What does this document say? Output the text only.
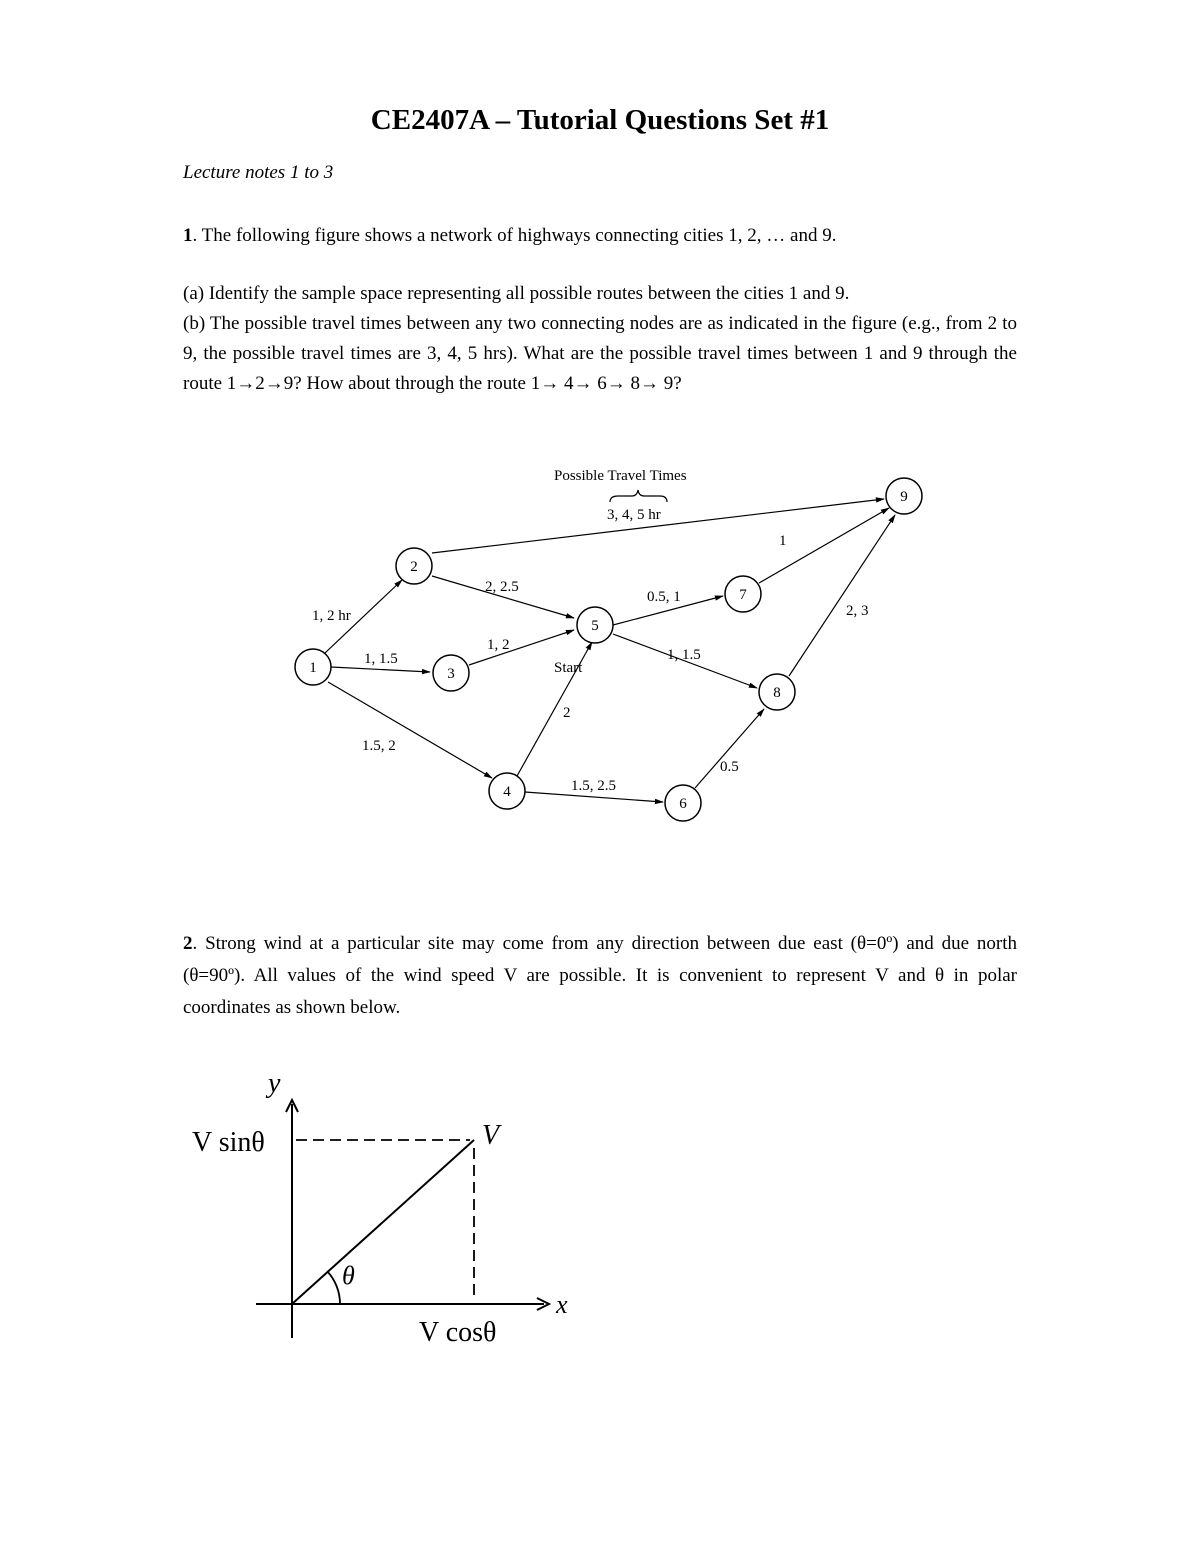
CE2407A – Tutorial Questions Set #1

Lecture notes 1 to 3

1. The following figure shows a network of highways connecting cities 1, 2, … and 9.

(a) Identify the sample space representing all possible routes between the cities 1 and 9.

(b) The possible travel times between any two connecting nodes are as indicated in the figure (e.g., from 2 to 9, the possible travel times are 3, 4, 5 hrs). What are the possible travel times between 1 and 9 through the route 1→2→9? How about through the route 1→ 4→ 6→ 8→ 9?

2. Strong wind at a particular site may come from any direction between due east (θ=0º) and due north (θ=90º). All values of the wind speed V are possible. It is convenient to represent V and θ in polar coordinates as shown below.

Possible Travel Times
Start
3, 4, 5 hr
1, 2 hr
2, 2.5
1, 1.5
1, 2
1.5, 2
2
1.5, 2.5
0.5, 1
1, 1.5
1
2, 3
0.5
1
2
3
4
5
6
7
8
9
y
x
V
θ
V sinθ
V cosθ
